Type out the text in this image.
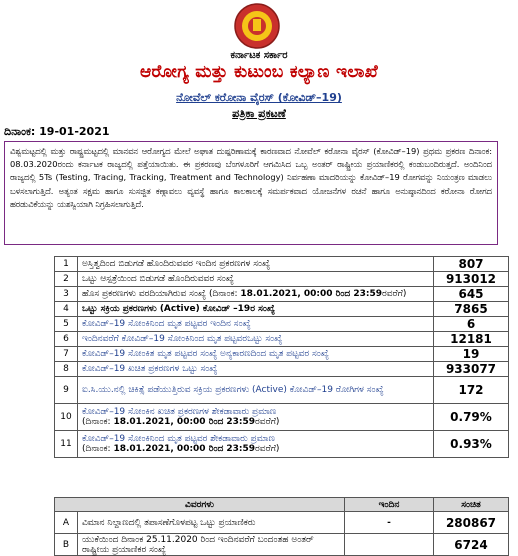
ಕರ್ನಾಟಕ ಸರ್ಕಾರ
ಆರೋಗ್ಯ ಮತ್ತು ಕುಟುಂಬ ಕಲ್ಯಾಣ ಇಲಾಖೆ
ನೋವೆಲ್ ಕರೋನಾ ವೈರಸ್ (ಕೋವಿಡ್–19)
ಪತ್ರಿಕಾ ಪ್ರಕಟಣೆ
ದಿನಾಂಕ: 19-01-2021
ವಿಶ್ವಮಟ್ಟದಲ್ಲಿ ಮತ್ತು ರಾಷ್ಟ್ರಮಟ್ಟದಲ್ಲಿ ಮಾನವನ ಆರೋಗ್ಯದ ಮೇಲೆ ಅಘಾತ ದುಷ್ಪರಿಣಾಮಕ್ಕೆ ಕಾರಣವಾದ ನೋವೆಲ್ ಕರೋನಾ ವೈರಸ್ (ಕೋವಿಡ್–19) ಪ್ರಥಮ ಪ್ರಕರಣ ದಿನಾಂಕ: 08.03.2020ರಂದು ಕರ್ನಾಟಕ ರಾಜ್ಯದಲ್ಲಿ ಪತ್ತೆಯಾಯಿತು. ಈ ಪ್ರಕರಣವು ಬೆಂಗಳೂರಿಗೆ ಆಗಮಿಸಿದ ಒಬ್ಬ ಅಂತರ್ ರಾಷ್ಟ್ರೀಯ ಪ್ರಯಾಣಿಕರಲ್ಲಿ ಕಂಡುಬಂದಿರುತ್ತದೆ. ಅಂದಿನಿಂದ ರಾಜ್ಯದಲ್ಲಿ 5Ts (Testing, Tracing, Tracking, Treatment and Technology) ನಿರ್ವಹಣಾ ಮಾದರಿಯನ್ನು ಕೋವಿಡ್–19 ರೋಗವನ್ನು ನಿಯಂತ್ರಣ ಮಾಡಲು ಬಳಸಲಾಗುತ್ತಿದೆ. ಅತ್ಯಂತ ಸಕ್ಷಮ ಹಾಗೂ ಸುಸಜ್ಜಿತ ಕಣ್ಗಾವಲು ವ್ಯವಸ್ಥೆ ಹಾಗೂ ಕಾಲಕಾಲಕ್ಕೆ ಸಮರ್ಪಕವಾದ ಯೋಜನೆಗಳ ರಚನೆ ಹಾಗೂ ಅನುಷ್ಠಾನದಿಂದ ಕರೋನಾ ರೋಗದ ಹರಡುವಿಕೆಯನ್ನು ಯಶಸ್ವಿಯಾಗಿ ನಿಗ್ರಹಿಸಲಾಗುತ್ತಿದೆ.
1	ಅಸ್ತಿತ್ವದಿಂದ ಬಿಡುಗಡೆ ಹೊಂದಿರುವವರ ಇಂದಿನ ಪ್ರಕರಣಗಳ ಸಂಖ್ಯೆ	807
2	ಒಟ್ಟು ಆಸ್ಪತ್ರೆಯಿಂದ ಬಿಡುಗಡೆ ಹೊಂದಿರುವವರ ಸಂಖ್ಯೆ	913012
3	ಹೊಸ ಪ್ರಕರಣಗಳು ವರದಿಯಾಗಿರುವ ಸಂಖ್ಯೆ (ದಿನಾಂಕ: 18.01.2021, 00:00 ರಿಂದ 23:59ರವರೆಗೆ)	645
4	ಒಟ್ಟು ಸಕ್ರಿಯ ಪ್ರಕರಣಗಳು (Active) ಕೋವಿಡ್ –19ರ ಸಂಖ್ಯೆ	7865
5	ಕೋವಿಡ್–19 ಸೋಂಕಿನಿಂದ ಮೃತ ಪಟ್ಟವರ ಇಂದಿನ ಸಂಖ್ಯೆ	6
6	ಇಂದಿನವರೆಗೆ ಕೋವಿಡ್–19 ಸೋಂಕಿನಿಂದ ಮೃತ ಪಟ್ಟವರಒಟ್ಟು ಸಂಖ್ಯೆ	12181
7	ಕೋವಿಡ್–19 ಸೋಂಕಿತ ಮೃತ ಪಟ್ಟವರ ಸಂಖ್ಯೆ ಅನ್ಯಕಾರಣದಿಂದ ಮೃತ ಪಟ್ಟವರ ಸಂಖ್ಯೆ	19
8	ಕೋವಿಡ್–19 ಖಚಿತ ಪ್ರಕರಣಗಳ ಒಟ್ಟು ಸಂಖ್ಯೆ	933077
9	ಐ.ಸಿ.ಯು.ನಲ್ಲಿ ಚಿಕಿತ್ಸೆ ಪಡೆಯುತ್ತಿರುವ ಸಕ್ರಿಯ ಪ್ರಕರಣಗಳು (Active) ಕೋವಿಡ್–19 ರೋಗಿಗಳ ಸಂಖ್ಯೆ	172
10	ಕೋವಿಡ್–19 ಸೋಂಕಿನ ಖಚಿತ ಪ್ರಕರಣಗಳ ಶೇಕಡಾವಾರು ಪ್ರಮಾಣ
(ದಿನಾಂಕ: 18.01.2021, 00:00 ರಿಂದ 23:59ರವರೆಗೆ)	0.79%
11	ಕೋವಿಡ್–19 ಸೋಂಕಿನಿಂದ ಮೃತ ಪಟ್ಟವರ ಶೇಕಡಾವಾರು ಪ್ರಮಾಣ
(ದಿನಾಂಕ: 18.01.2021, 00:00 ರಿಂದ 23:59ರವರೆಗೆ)	0.93%
ವಿವರಗಳು		ಇಂದಿನ	ಸಂಚಿತ
A	ವಿಮಾನ ನಿಲ್ದಾಣದಲ್ಲಿ ತಪಾಸಣೆಗೊಳಪಟ್ಟ ಒಟ್ಟು ಪ್ರಯಾಣಿಕರು	-	280867
B	ಯುಕೆಯಿಂದ ದಿನಾಂಕ 25.11.2020 ರಿಂದ ಇಂದಿನವರೆಗೆ ಬಂದಂತಹ ಅಂತರ್ ರಾಷ್ಟ್ರೀಯ ಪ್ರಯಾಣಿಕರ ಸಂಖ್ಯೆ		6724
